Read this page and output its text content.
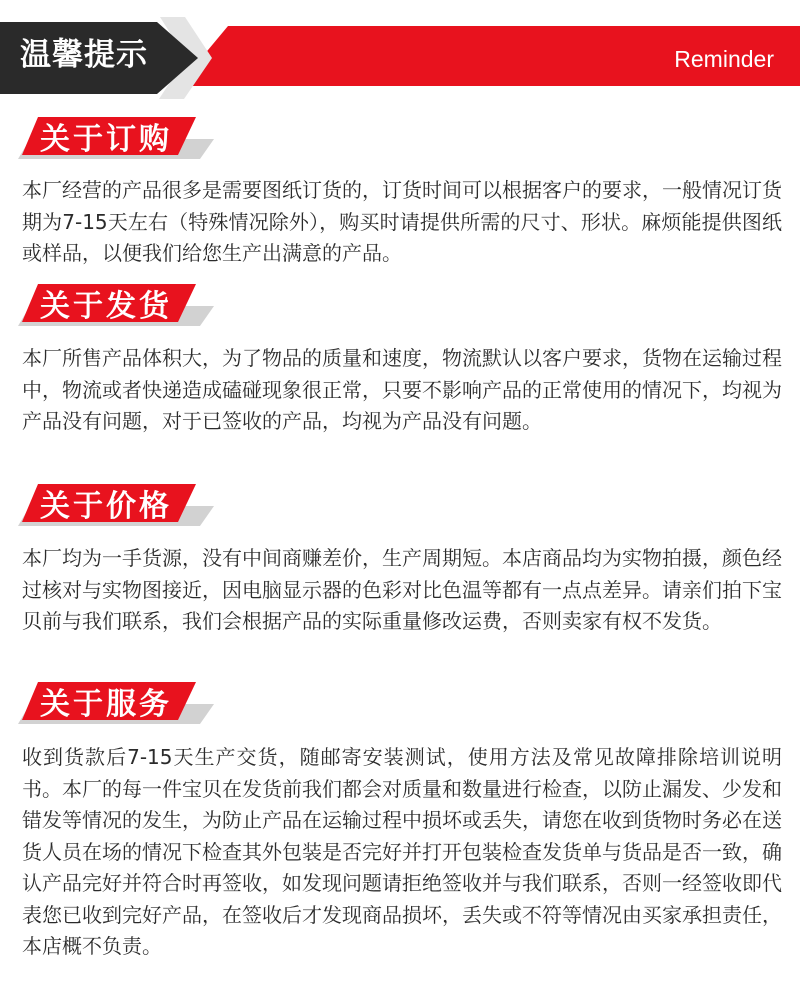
温馨提示	Reminder
关于订购

本厂经营的产品很多是需要图纸订货的，订货时间可以根据客户的要求，一般情况订货期为7-15天左右（特殊情况除外），购买时请提供所需的尺寸、形状。麻烦能提供图纸或样品，以便我们给您生产出满意的产品。

关于发货

本厂所售产品体积大，为了物品的质量和速度，物流默认以客户要求，货物在运输过程中，物流或者快递造成磕碰现象很正常，只要不影响产品的正常使用的情况下，均视为产品没有问题，对于已签收的产品，均视为产品没有问题。

关于价格

本厂均为一手货源，没有中间商赚差价，生产周期短。本店商品均为实物拍摄，颜色经过核对与实物图接近，因电脑显示器的色彩对比色温等都有一点点差异。请亲们拍下宝贝前与我们联系，我们会根据产品的实际重量修改运费，否则卖家有权不发货。

关于服务

收到货款后7-15天生产交货，随邮寄安装测试，使用方法及常见故障排除培训说明书。本厂的每一件宝贝在发货前我们都会对质量和数量进行检查，以防止漏发、少发和错发等情况的发生，为防止产品在运输过程中损坏或丢失，请您在收到货物时务必在送货人员在场的情况下检查其外包装是否完好并打开包装检查发货单与货品是否一致，确认产品完好并符合时再签收，如发现问题请拒绝签收并与我们联系，否则一经签收即代表您已收到完好产品，在签收后才发现商品损坏，丢失或不符等情况由买家承担责任，本店概不负责。
